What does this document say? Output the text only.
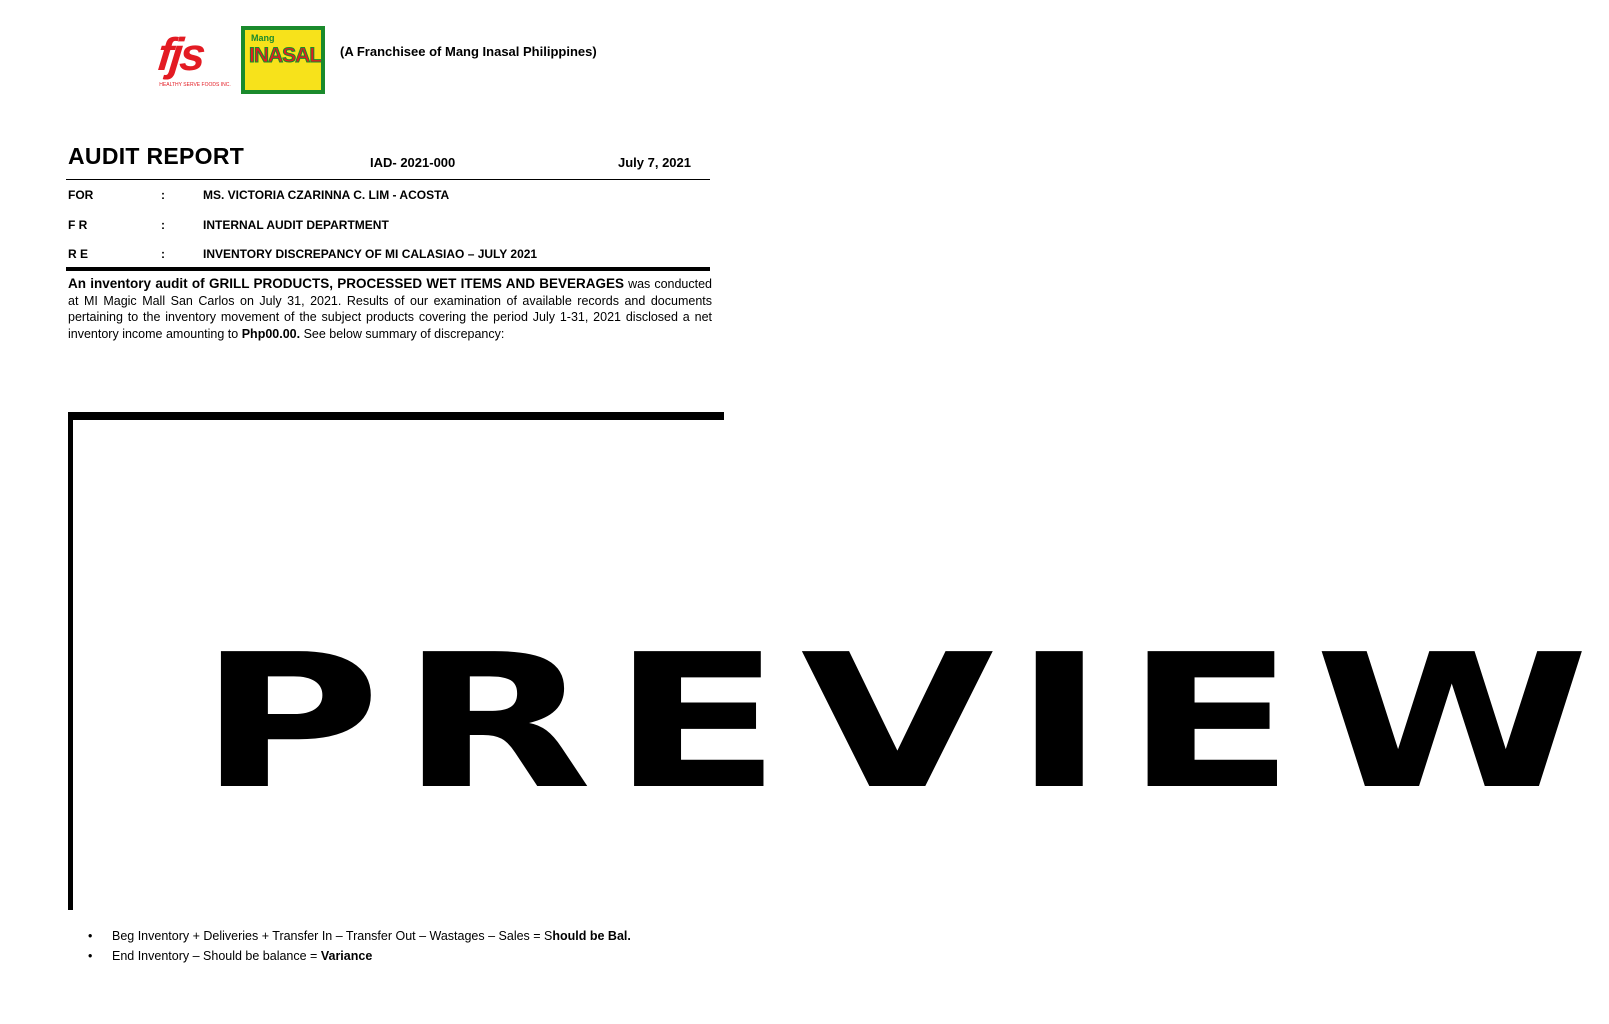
fjs
HEALTHY SERVE FOODS INC.
Mang
INASAL (A Franchisee of Mang Inasal Philippines)
AUDIT REPORT	IAD- 2021-000	July 7, 2021
FOR	:	MS. VICTORIA CZARINNA C. LIM - ACOSTA
F R	:	INTERNAL AUDIT DEPARTMENT
R E	:	INVENTORY DISCREPANCY OF MI CALASIAO – JULY 2021

An inventory audit of GRILL PRODUCTS, PROCESSED WET ITEMS AND BEVERAGES was conducted at MI Magic Mall San Carlos on July 31, 2021. Results of our examination of available records and documents pertaining to the inventory movement of the subject products covering the period July 1-31, 2021 disclosed a net inventory income amounting to Php00.00. See below summary of discrepancy:

PREVIEW
• Beg Inventory + Deliveries + Transfer In – Transfer Out – Wastages – Sales = Should be Bal.
• End Inventory – Should be balance = Variance
